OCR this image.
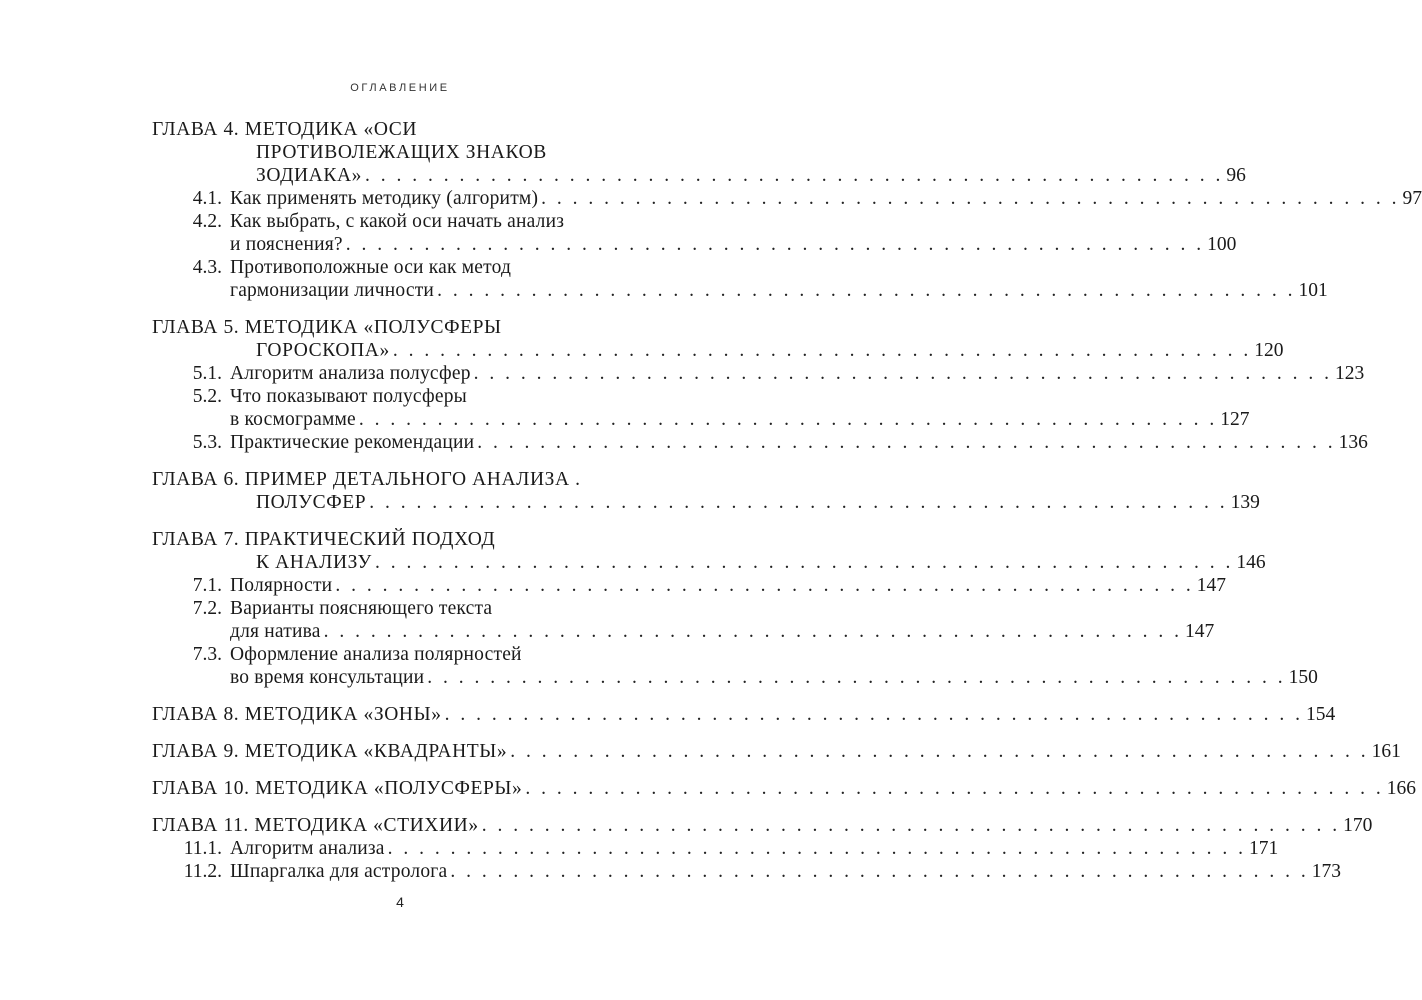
ОГЛАВЛЕНИЕ
ГЛАВА 4. МЕТОДИКА «ОСИ
ПРОТИВОЛЕЖАЩИХ ЗНАКОВ
ЗОДИАКА» . . . . . . . . . . . . . . . . . . . . . . . . . . . . . . . . . . . . . . . . . . . . . . . . . . . . . . . 96
4.1. Как применять методику (алгоритм) . . . . . . . . . . . . . . . . . . . . . . . . . . . . . . . . . . . . . . . . . . . . . . . . . . . . . . . 97
4.2. Как выбрать, с какой оси начать анализ
и пояснения? . . . . . . . . . . . . . . . . . . . . . . . . . . . . . . . . . . . . . . . . . . . . . . . . . . . . . . . 100
4.3. Противоположные оси как метод
гармонизации личности . . . . . . . . . . . . . . . . . . . . . . . . . . . . . . . . . . . . . . . . . . . . . . . . . . . . . . . 101
ГЛАВА 5. МЕТОДИКА «ПОЛУСФЕРЫ
ГОРОСКОПА» . . . . . . . . . . . . . . . . . . . . . . . . . . . . . . . . . . . . . . . . . . . . . . . . . . . . . . . 120
5.1. Алгоритм анализа полусфер . . . . . . . . . . . . . . . . . . . . . . . . . . . . . . . . . . . . . . . . . . . . . . . . . . . . . . . 123
5.2. Что показывают полусферы
в космограмме . . . . . . . . . . . . . . . . . . . . . . . . . . . . . . . . . . . . . . . . . . . . . . . . . . . . . . . 127
5.3. Практические рекомендации . . . . . . . . . . . . . . . . . . . . . . . . . . . . . . . . . . . . . . . . . . . . . . . . . . . . . . . 136
ГЛАВА 6. ПРИМЕР ДЕТАЛЬНОГО АНАЛИЗА .
ПОЛУСФЕР . . . . . . . . . . . . . . . . . . . . . . . . . . . . . . . . . . . . . . . . . . . . . . . . . . . . . . . 139
ГЛАВА 7. ПРАКТИЧЕСКИЙ ПОДХОД
К АНАЛИЗУ . . . . . . . . . . . . . . . . . . . . . . . . . . . . . . . . . . . . . . . . . . . . . . . . . . . . . . . 146
7.1. Полярности . . . . . . . . . . . . . . . . . . . . . . . . . . . . . . . . . . . . . . . . . . . . . . . . . . . . . . . 147
7.2. Варианты поясняющего текста
для натива . . . . . . . . . . . . . . . . . . . . . . . . . . . . . . . . . . . . . . . . . . . . . . . . . . . . . . . 147
7.3. Оформление анализа полярностей
во время консультации . . . . . . . . . . . . . . . . . . . . . . . . . . . . . . . . . . . . . . . . . . . . . . . . . . . . . . . 150
ГЛАВА 8. МЕТОДИКА «ЗОНЫ» . . . . . . . . . . . . . . . . . . . . . . . . . . . . . . . . . . . . . . . . . . . . . . . . . . . . . . . 154
ГЛАВА 9. МЕТОДИКА «КВАДРАНТЫ» . . . . . . . . . . . . . . . . . . . . . . . . . . . . . . . . . . . . . . . . . . . . . . . . . . . . . . . 161
ГЛАВА 10. МЕТОДИКА «ПОЛУСФЕРЫ» . . . . . . . . . . . . . . . . . . . . . . . . . . . . . . . . . . . . . . . . . . . . . . . . . . . . . . . 166
ГЛАВА 11. МЕТОДИКА «СТИХИИ» . . . . . . . . . . . . . . . . . . . . . . . . . . . . . . . . . . . . . . . . . . . . . . . . . . . . . . . 170
11.1. Алгоритм анализа . . . . . . . . . . . . . . . . . . . . . . . . . . . . . . . . . . . . . . . . . . . . . . . . . . . . . . . 171
11.2. Шпаргалка для астролога . . . . . . . . . . . . . . . . . . . . . . . . . . . . . . . . . . . . . . . . . . . . . . . . . . . . . . . 173
4
